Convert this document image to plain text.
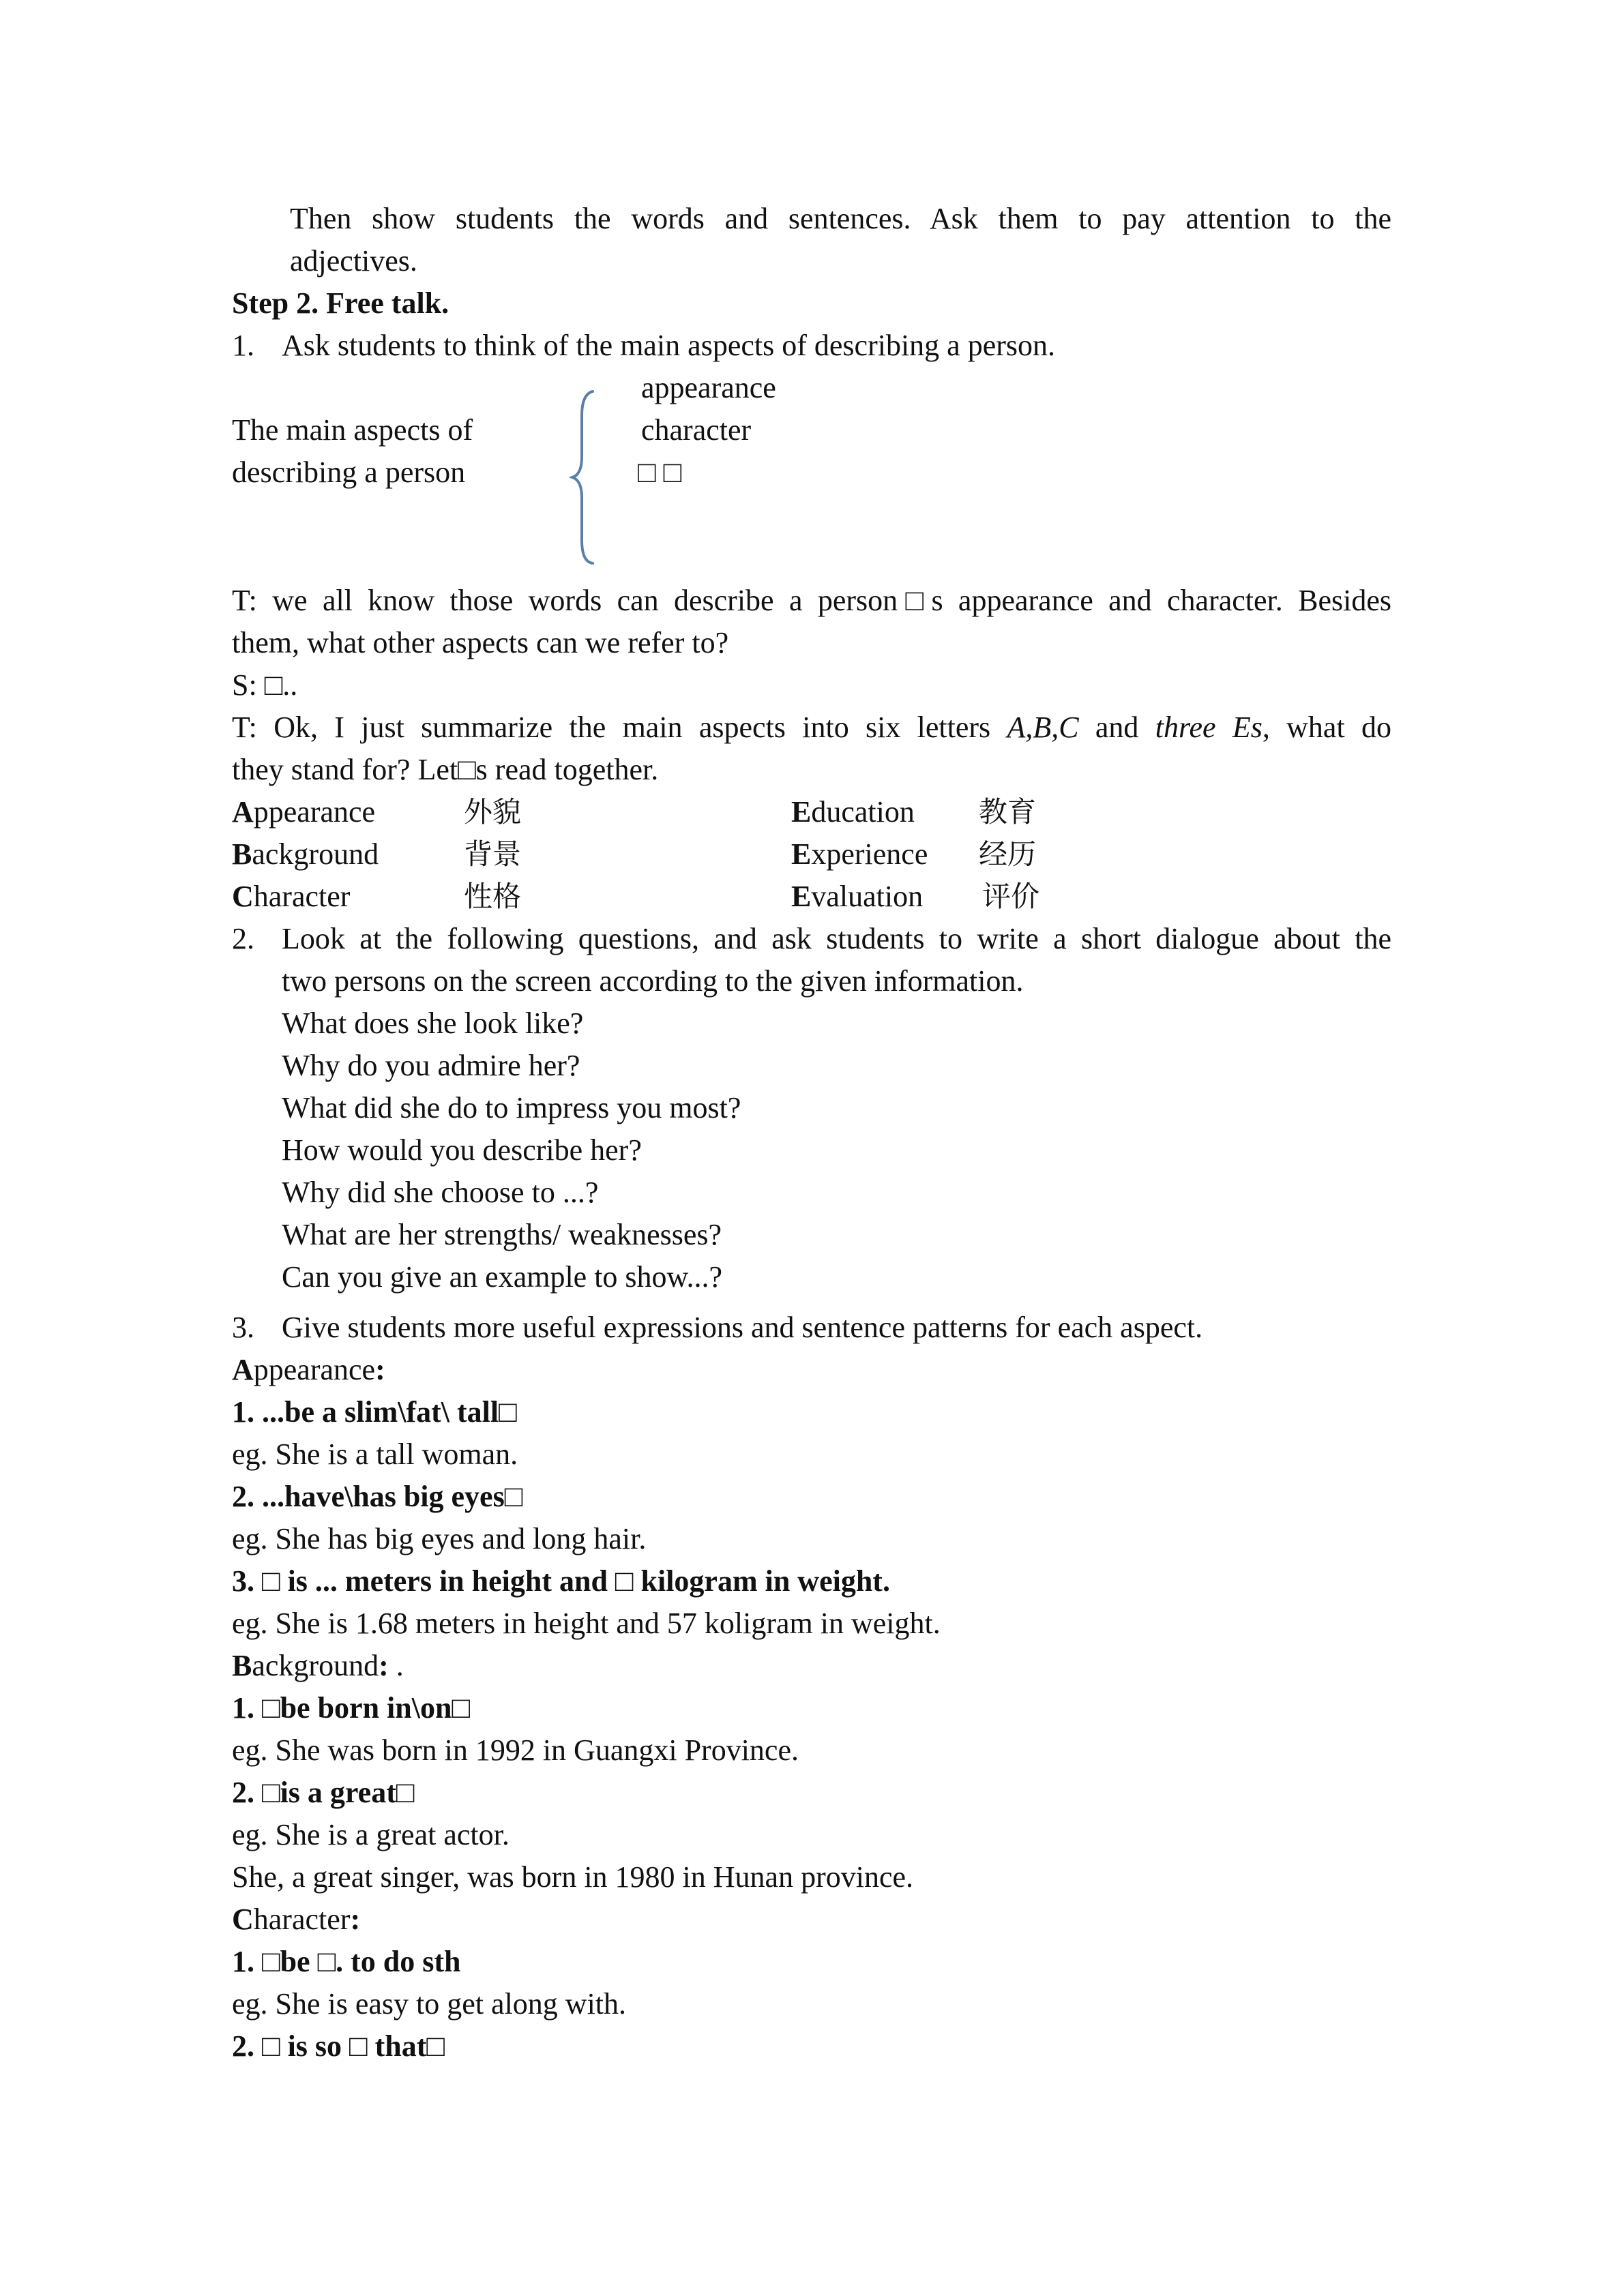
Then show students the words and sentences. Ask them to pay attention to the
adjectives.
Step 2. Free talk.
1. Ask students to think of the main aspects of describing a person.
appearance
The main aspects of	character
describing a person	□ □
T: we all know those words can describe a person□s appearance and character. Besides
them, what other aspects can we refer to?
S: □..
T: Ok, I just summarize the main aspects into six letters A,B,C and three Es, what do
they stand for? Let□s read together.
Appearance	外貌	Education 教育
Background	背景	Experience 经历
Character	性格	Evaluation 评价
2. Look at the following questions, and ask students to write a short dialogue about the
two persons on the screen according to the given information.
What does she look like?
Why do you admire her?
What did she do to impress you most?
How would you describe her?
Why did she choose to ...?
What are her strengths/ weaknesses?
Can you give an example to show...?
3. Give students more useful expressions and sentence patterns for each aspect.
Appearance:
1. ...be a slim\fat\ tall□
eg. She is a tall woman.
2. ...have\has big eyes□
eg. She has big eyes and long hair.
3. □ is ... meters in height and □ kilogram in weight.
eg. She is 1.68 meters in height and 57 koligram in weight.
Background: .
1. □be born in\on□
eg. She was born in 1992 in Guangxi Province.
2. □is a great□
eg. She is a great actor.
She, a great singer, was born in 1980 in Hunan province.
Character:
1. □be □. to do sth
eg. She is easy to get along with.
2. □ is so □ that□
